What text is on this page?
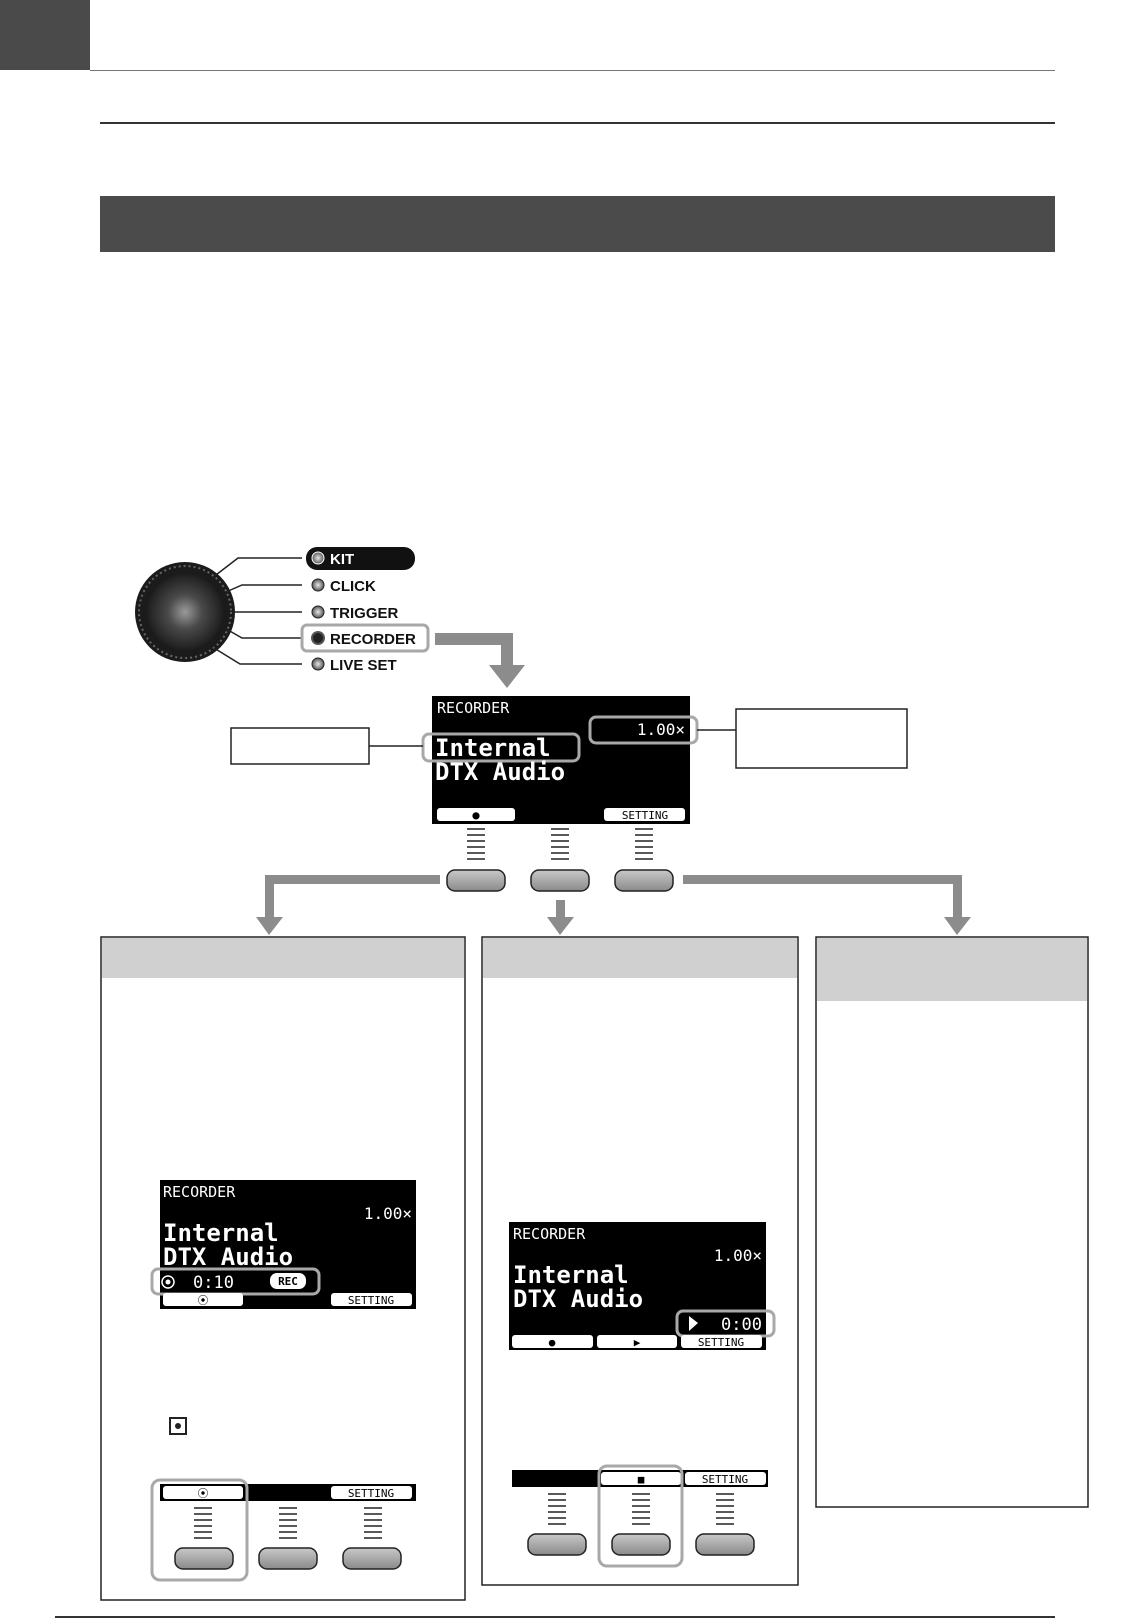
KIT
CLICK
TRIGGER
RECORDER
LIVE SET
RECORDER
1.00×
Internal
DTX Audio
●	SETTING
RECORDER
1.00×
Internal
DTX Audio
0:10	REC
⦿	SETTING
⦿	SETTING
RECORDER
1.00×
Internal
DTX Audio
0:00
●	▶	SETTING
■	SETTING
